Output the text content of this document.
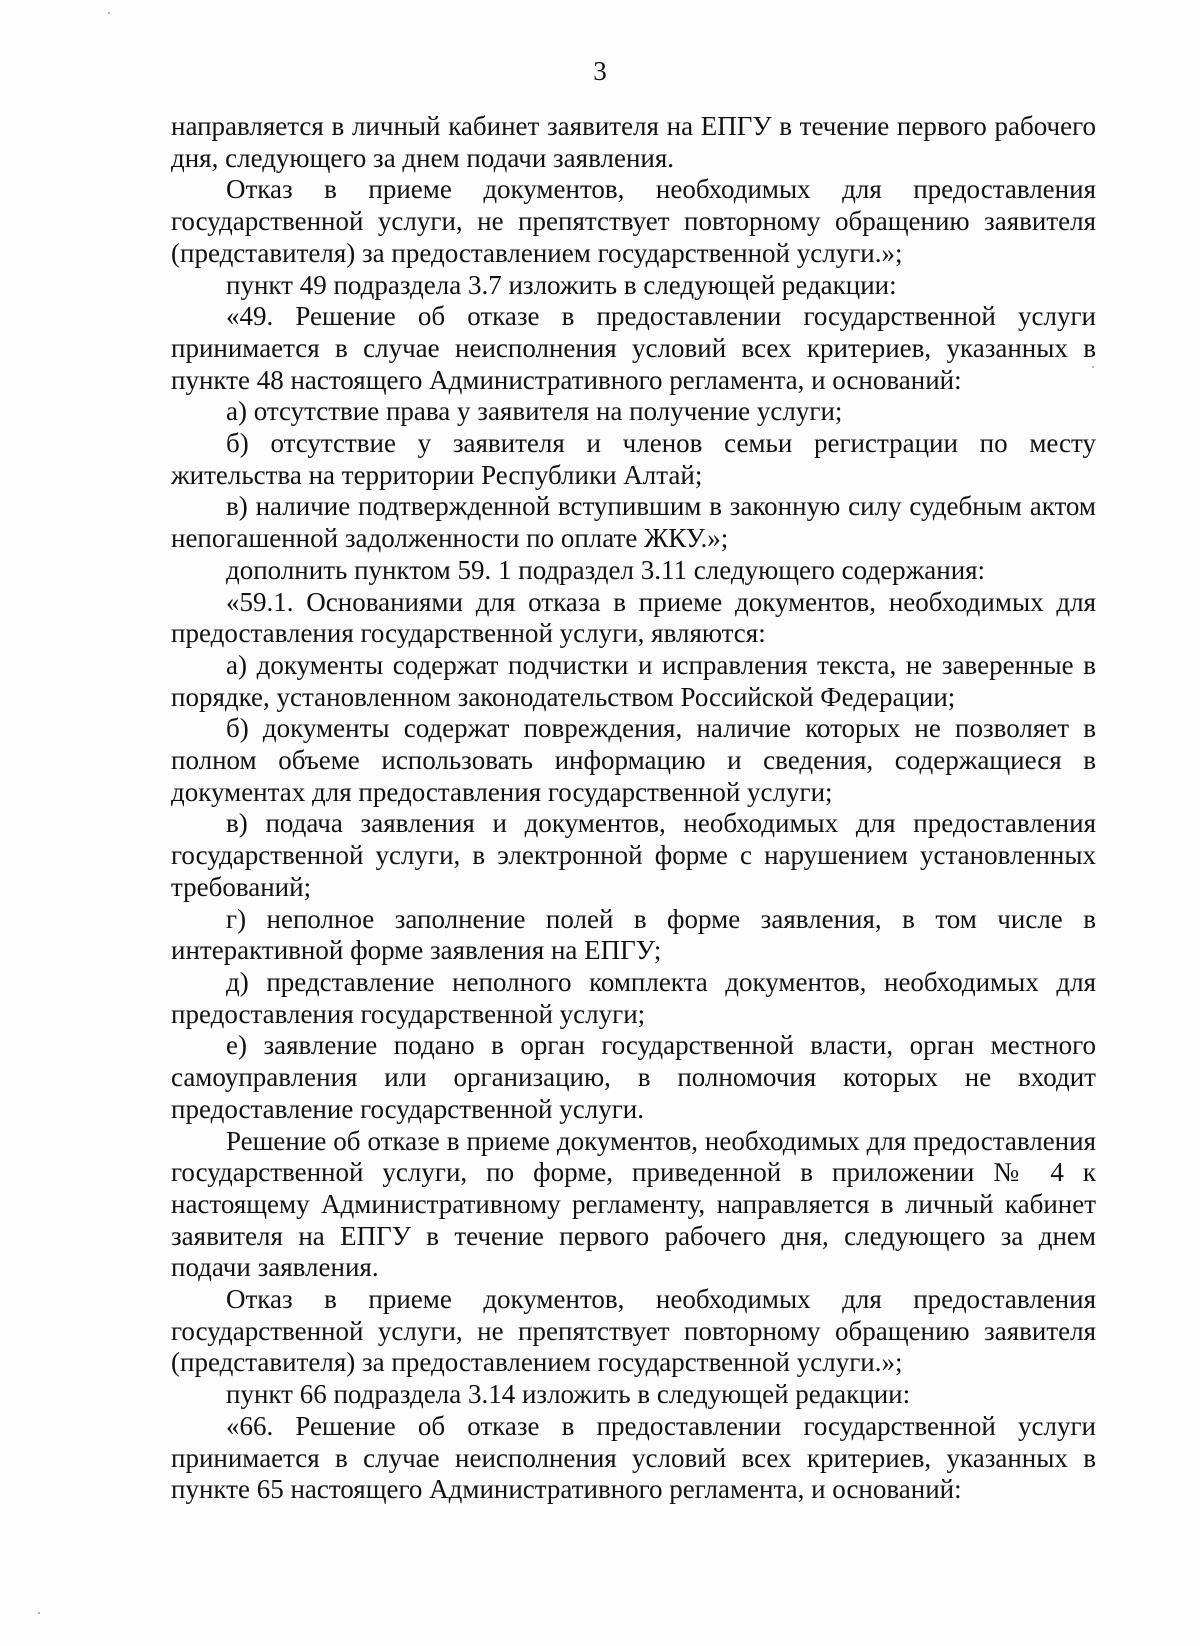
3

направляется в личный кабинет заявителя на ЕПГУ в течение первого рабочего дня, следующего за днем подачи заявления.

Отказ в приеме документов, необходимых для предоставления государственной услуги, не препятствует повторному обращению заявителя (представителя) за предоставлением государственной услуги.»;

пункт 49 подраздела 3.7 изложить в следующей редакции:

«49. Решение об отказе в предоставлении государственной услуги принимается в случае неисполнения условий всех критериев, указанных в пункте 48 настоящего Административного регламента, и оснований:

а) отсутствие права у заявителя на получение услуги;

б) отсутствие у заявителя и членов семьи регистрации по месту жительства на территории Республики Алтай;

в) наличие подтвержденной вступившим в законную силу судебным актом непогашенной задолженности по оплате ЖКУ.»;

дополнить пунктом 59. 1 подраздел 3.11 следующего содержания:

«59.1. Основаниями для отказа в приеме документов, необходимых для предоставления государственной услуги, являются:

а) документы содержат подчистки и исправления текста, не заверенные в порядке, установленном законодательством Российской Федерации;

б) документы содержат повреждения, наличие которых не позволяет в полном объеме использовать информацию и сведения, содержащиеся в документах для предоставления государственной услуги;

в) подача заявления и документов, необходимых для предоставления государственной услуги, в электронной форме с нарушением установленных требований;

г) неполное заполнение полей в форме заявления, в том числе в интерактивной форме заявления на ЕПГУ;

д) представление неполного комплекта документов, необходимых для предоставления государственной услуги;

е) заявление подано в орган государственной власти, орган местного самоуправления или организацию, в полномочия которых не входит предоставление государственной услуги.

Решение об отказе в приеме документов, необходимых для предоставления государственной услуги, по форме, приведенной в приложении № 4 к настоящему Административному регламенту, направляется в личный кабинет заявителя на ЕПГУ в течение первого рабочего дня, следующего за днем подачи заявления.

Отказ в приеме документов, необходимых для предоставления государственной услуги, не препятствует повторному обращению заявителя (представителя) за предоставлением государственной услуги.»;

пункт 66 подраздела 3.14 изложить в следующей редакции:

«66. Решение об отказе в предоставлении государственной услуги принимается в случае неисполнения условий всех критериев, указанных в пункте 65 настоящего Административного регламента, и оснований:
